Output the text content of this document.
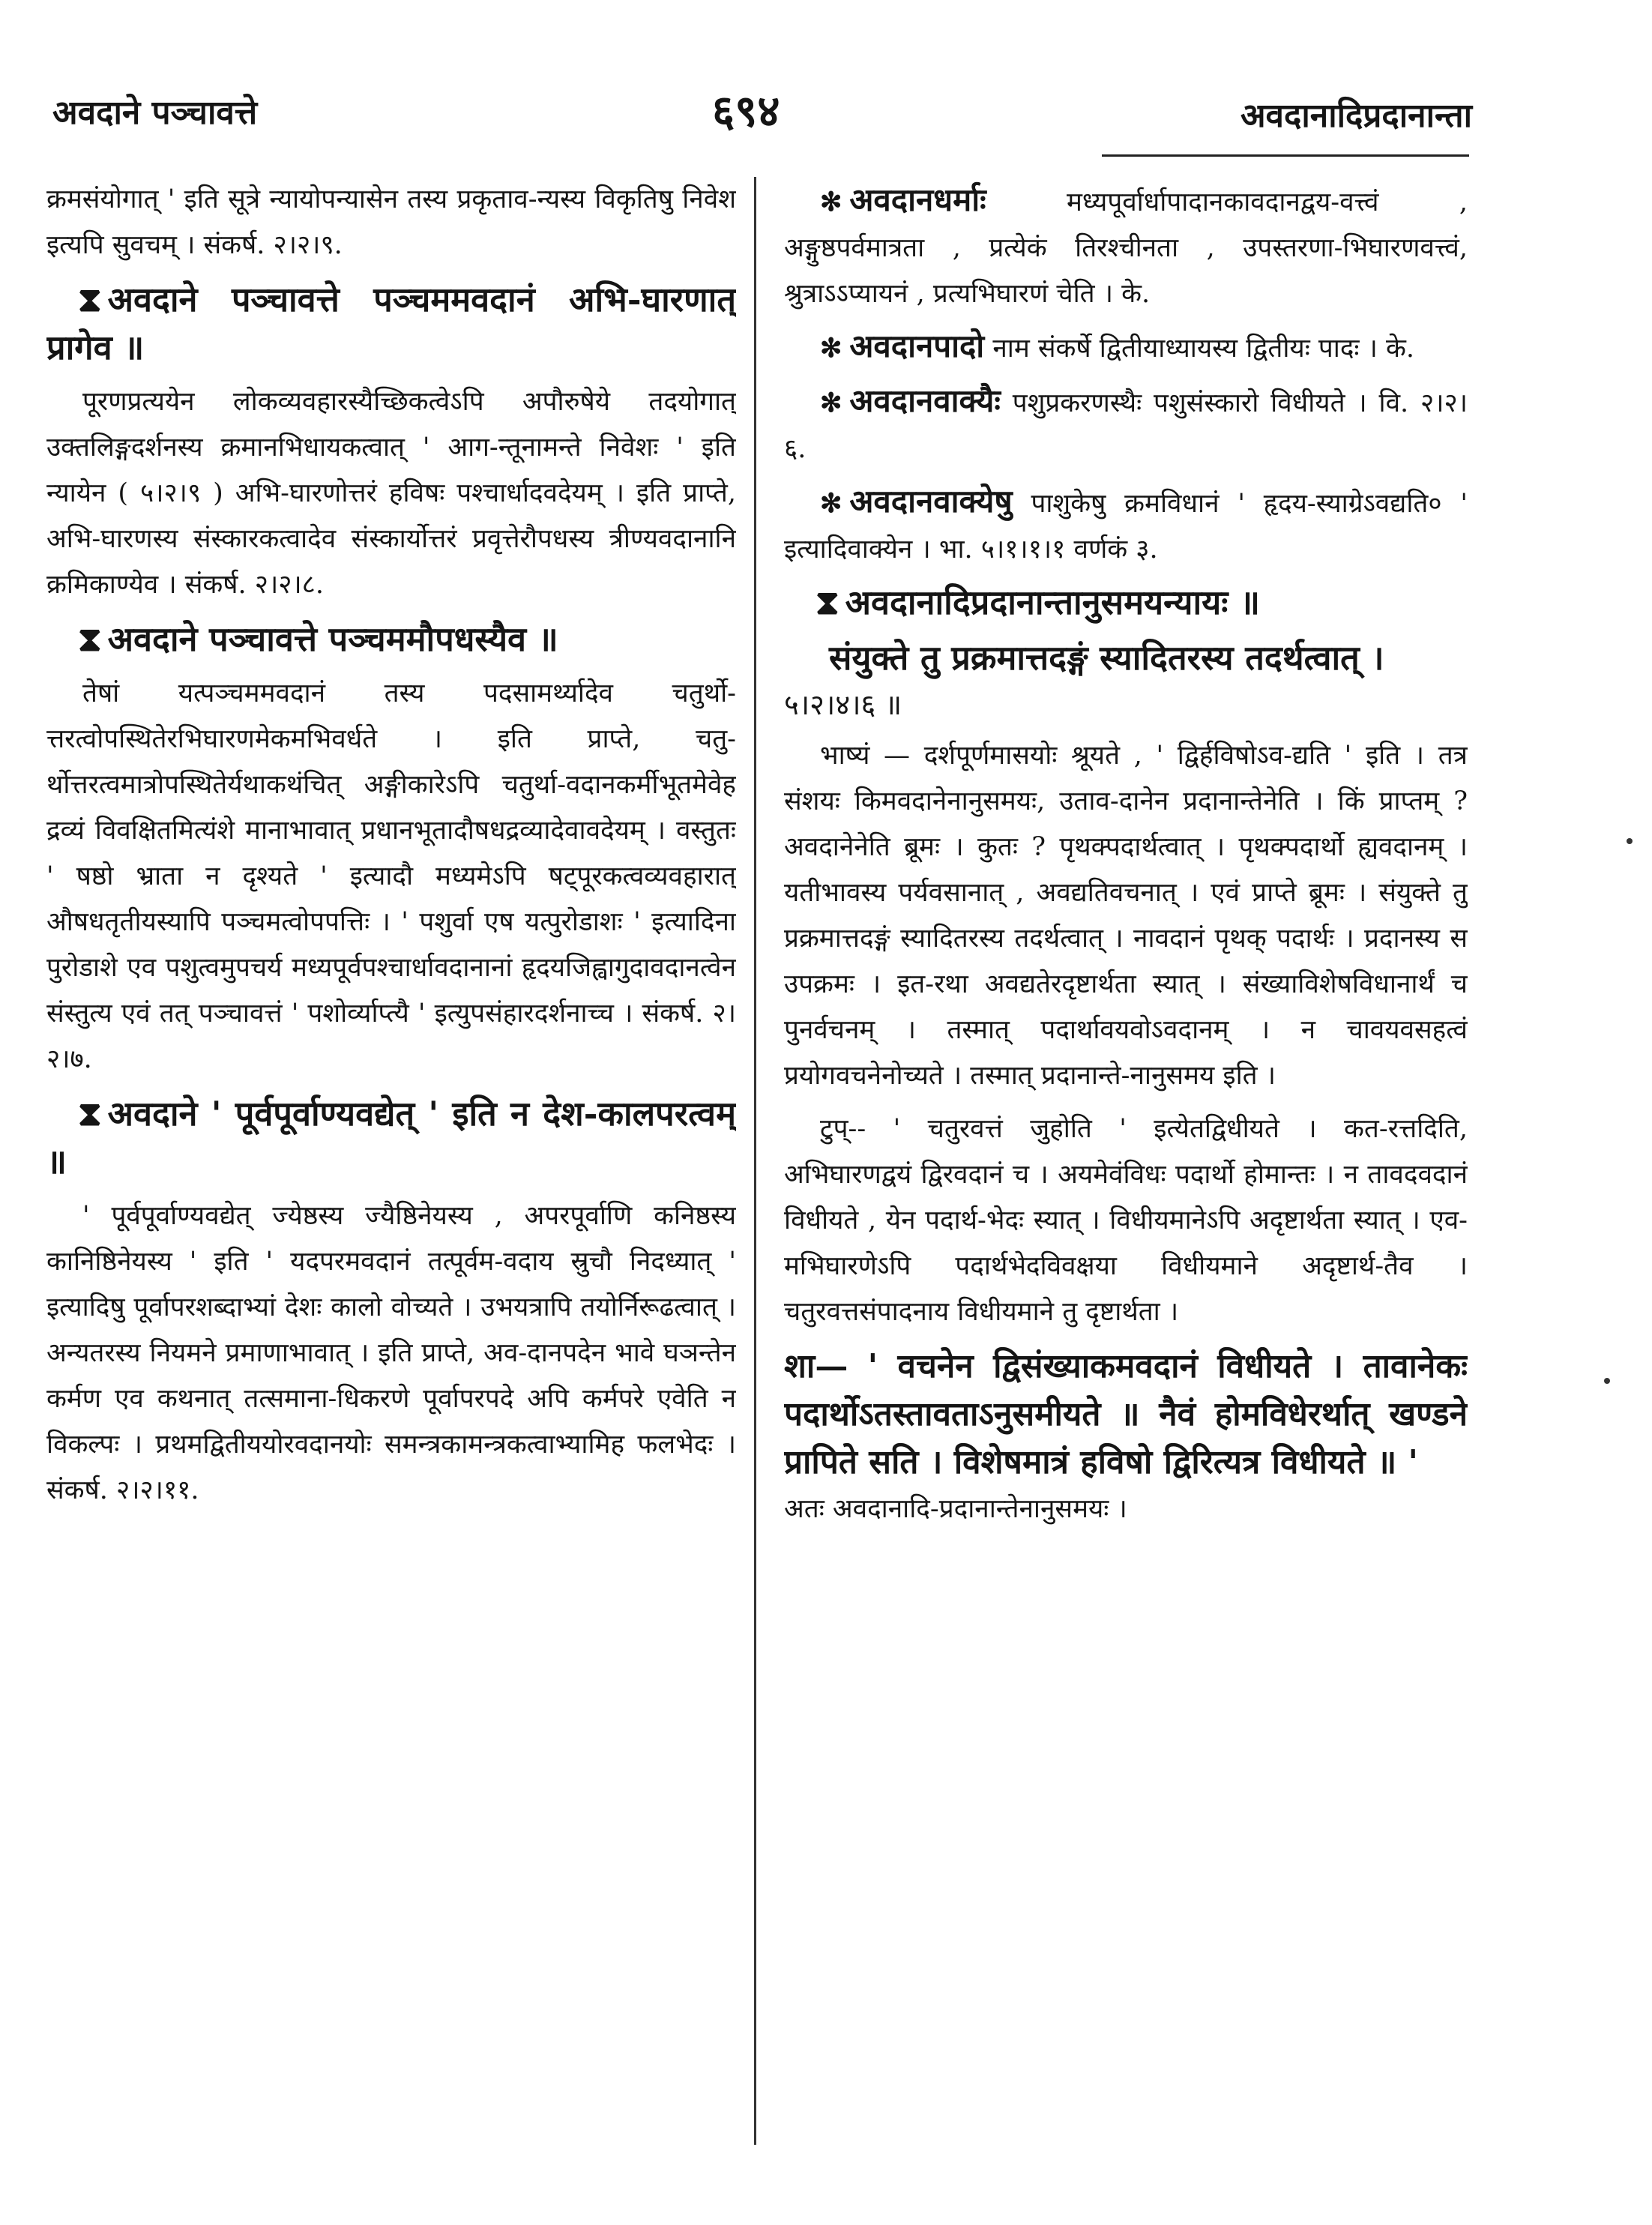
अवदाने पञ्चावत्ते	६९४	अवदानादिप्रदानान्ता

क्रमसंयोगात् ' इति सूत्रे न्यायोपन्यासेन तस्य प्रकृताव-न्यस्य विकृतिषु निवेश इत्यपि सुवचम् । संकर्ष. २।२।९.

⧗ अवदाने पञ्चावत्ते पञ्चममवदानं अभि-घारणात् प्रागेव ॥

पूरणप्रत्ययेन लोकव्यवहारस्यैच्छिकत्वेऽपि अपौरुषेये तदयोगात् उक्तलिङ्गदर्शनस्य क्रमानभिधायकत्वात् ' आग-न्तूनामन्ते निवेशः ' इति न्यायेन ( ५।२।९ ) अभि-घारणोत्तरं हविषः पश्चार्धादवदेयम् । इति प्राप्ते, अभि-घारणस्य संस्कारकत्वादेव संस्कार्योत्तरं प्रवृत्तेरौपधस्य त्रीण्यवदानानि क्रमिकाण्येव । संकर्ष. २।२।८.

⧗ अवदाने पञ्चावत्ते पञ्चममौपधस्यैव ॥

तेषां यत्पञ्चममवदानं तस्य पदसामर्थ्यादेव चतुर्थो-त्तरत्वोपस्थितेरभिघारणमेकमभिवर्धते । इति प्राप्ते, चतु-र्थोत्तरत्वमात्रोपस्थितेर्यथाकथंचित् अङ्गीकारेऽपि चतुर्था-वदानकर्मीभूतमेवेह द्रव्यं विवक्षितमित्यंशे मानाभावात् प्रधानभूतादौषधद्रव्यादेवावदेयम् । वस्तुतः ' षष्ठो भ्राता न दृश्यते ' इत्यादौ मध्यमेऽपि षट्पूरकत्वव्यवहारात् औषधतृतीयस्यापि पञ्चमत्वोपपत्तिः । ' पशुर्वा एष यत्पुरोडाशः ' इत्यादिना पुरोडाशे एव पशुत्वमुपचर्य मध्यपूर्वपश्चार्धावदानानां हृदयजिह्वागुदावदानत्वेन संस्तुत्य एवं तत् पञ्चावत्तं ' पशोर्व्याप्त्यै ' इत्युपसंहारदर्शनाच्च । संकर्ष. २।२।७.

⧗ अवदाने ' पूर्वपूर्वाण्यवद्येत् ' इति न देश-कालपरत्वम् ॥

' पूर्वपूर्वाण्यवद्येत् ज्येष्ठस्य ज्यैष्ठिनेयस्य , अपरपूर्वाणि कनिष्ठस्य कानिष्ठिनेयस्य ' इति ' यदपरमवदानं तत्पूर्वम-वदाय स्रुचौ निदध्यात् ' इत्यादिषु पूर्वापरशब्दाभ्यां देशः कालो वोच्यते । उभयत्रापि तयोर्निरूढत्वात् । अन्यतरस्य नियमने प्रमाणाभावात् । इति प्राप्ते, अव-दानपदेन भावे घञन्तेन कर्मण एव कथनात् तत्समाना-धिकरणे पूर्वापरपदे अपि कर्मपरे एवेति न विकल्पः । प्रथमद्वितीययोरवदानयोः समन्त्रकामन्त्रकत्वाभ्यामिह फलभेदः । संकर्ष. २।२।११.

✻ अवदानधर्माः	मध्यपूर्वार्धापादानकावदानद्वय-वत्त्वं , अङ्गुष्ठपर्वमात्रता , प्रत्येकं तिरश्चीनता , उपस्तरणा-भिघारणवत्त्वं, श्रुत्राऽऽप्यायनं , प्रत्यभिघारणं चेति । के.

✻ अवदानपादो नाम संकर्षे द्वितीयाध्यायस्य द्वितीयः पादः । के.

✻ अवदानवाक्यैः पशुप्रकरणस्थैः पशुसंस्कारो विधीयते । वि. २।२।६.

✻ अवदानवाक्येषु पाशुकेषु क्रमविधानं ' हृदय-स्याग्रेऽवद्यति० ' इत्यादिवाक्येन । भा. ५।१।१।१ वर्णकं ३.

⧗ अवदानादिप्रदानान्तानुसमयन्यायः ॥

संयुक्ते तु प्रक्रमात्तदङ्गं स्यादितरस्य तदर्थत्वात् ।

५।२।४।६ ॥

भाष्यं — दर्शपूर्णमासयोः श्रूयते , ' द्विर्हविषोऽव-द्यति ' इति । तत्र संशयः किमवदानेनानुसमयः, उताव-दानेन प्रदानान्तेनेति । किं प्राप्तम् ? अवदानेनेति ब्रूमः । कुतः ? पृथक्पदार्थत्वात् । पृथक्पदार्थो ह्यवदानम् । यतीभावस्य पर्यवसानात् , अवद्यतिवचनात् । एवं प्राप्ते ब्रूमः । संयुक्ते तु प्रक्रमात्तदङ्गं स्यादितरस्य तदर्थत्वात् । नावदानं पृथक् पदार्थः । प्रदानस्य स उपक्रमः । इत-रथा अवद्यतेरदृष्टार्थता स्यात् । संख्याविशेषविधानार्थं च पुनर्वचनम् । तस्मात् पदार्थावयवोऽवदानम् । न चावयवसहत्वं प्रयोगवचनेनोच्यते । तस्मात् प्रदानान्ते-नानुसमय इति ।

टुप्-- ' चतुरवत्तं जुहोति ' इत्येतद्विधीयते । कत-रत्तदिति, अभिघारणद्वयं द्विरवदानं च । अयमेवंविधः पदार्थो होमान्तः । न तावदवदानं विधीयते , येन पदार्थ-भेदः स्यात् । विधीयमानेऽपि अदृष्टार्थता स्यात् । एव-मभिघारणेऽपि पदार्थभेदविवक्षया विधीयमाने अदृष्टार्थ-तैव । चतुरवत्तसंपादनाय विधीयमाने तु दृष्टार्थता ।

शा— ' वचनेन द्विसंख्याकमवदानं विधीयते । तावानेकः पदार्थोऽतस्तावताऽनुसमीयते ॥ नैवं होमविधेरर्थात् खण्डने प्रापिते सति । विशेषमात्रं हविषो द्विरित्यत्र विधीयते ॥ '

अतः अवदानादि-प्रदानान्तेनानुसमयः ।
